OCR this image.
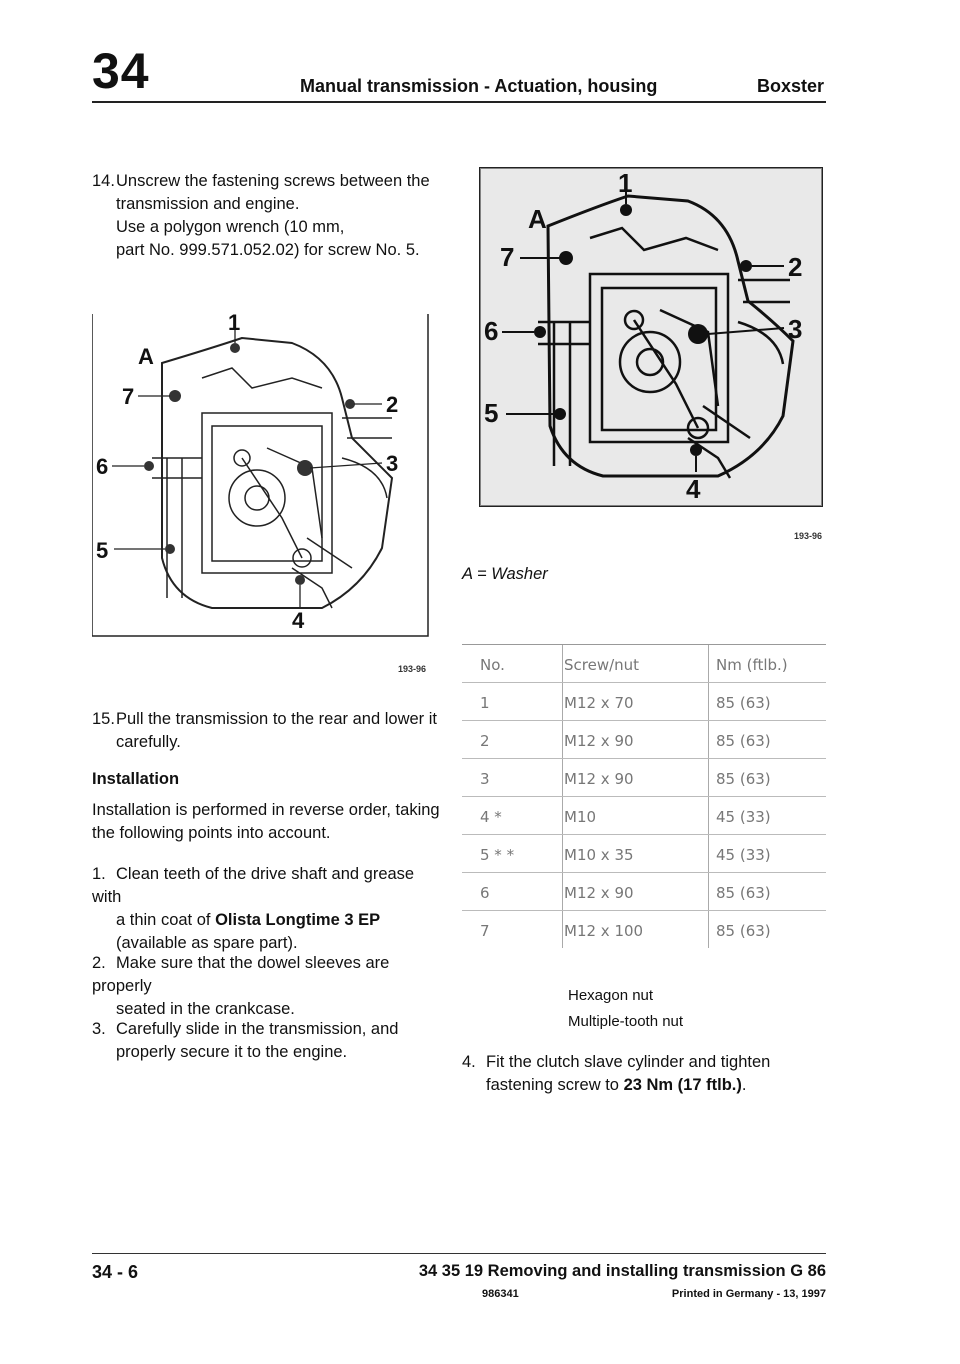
34	Manual transmission - Actuation, housing	Boxster
14.Unscrew the fastening screws between the
transmission and engine.
Use a polygon wrench (10 mm,
part No. 999.571.052.02) for screw No. 5.
1
2
3
4
5
6
7
A
193-96
15.Pull the transmission to the rear and lower it
carefully.
Installation
Installation is performed in reverse order, taking
the following points into account.
1. Clean teeth of the drive shaft and grease with
a thin coat of Olista Longtime 3 EP
(available as spare part).
2. Make sure that the dowel sleeves are properly
seated in the crankcase.
3. Carefully slide in the transmission, and
properly secure it to the engine.
1
2
3
4
5
6
7
A
193-96
A = Washer
No.	Screw/nut	Nm (ftlb.)
1	M12 x 70	85 (63)
2	M12 x 90	85 (63)
3	M12 x 90	85 (63)
4 *	M10	45 (33)
5 * *	M10 x 35	45 (33)
6	M12 x 90	85 (63)
7	M12 x 100	85 (63)
Hexagon nut
Multiple-tooth nut
4. Fit the clutch slave cylinder and tighten
fastening screw to 23 Nm (17 ftlb.).
34 - 6	34 35 19 Removing and installing transmission G 86
986341	Printed in Germany - 13, 1997
